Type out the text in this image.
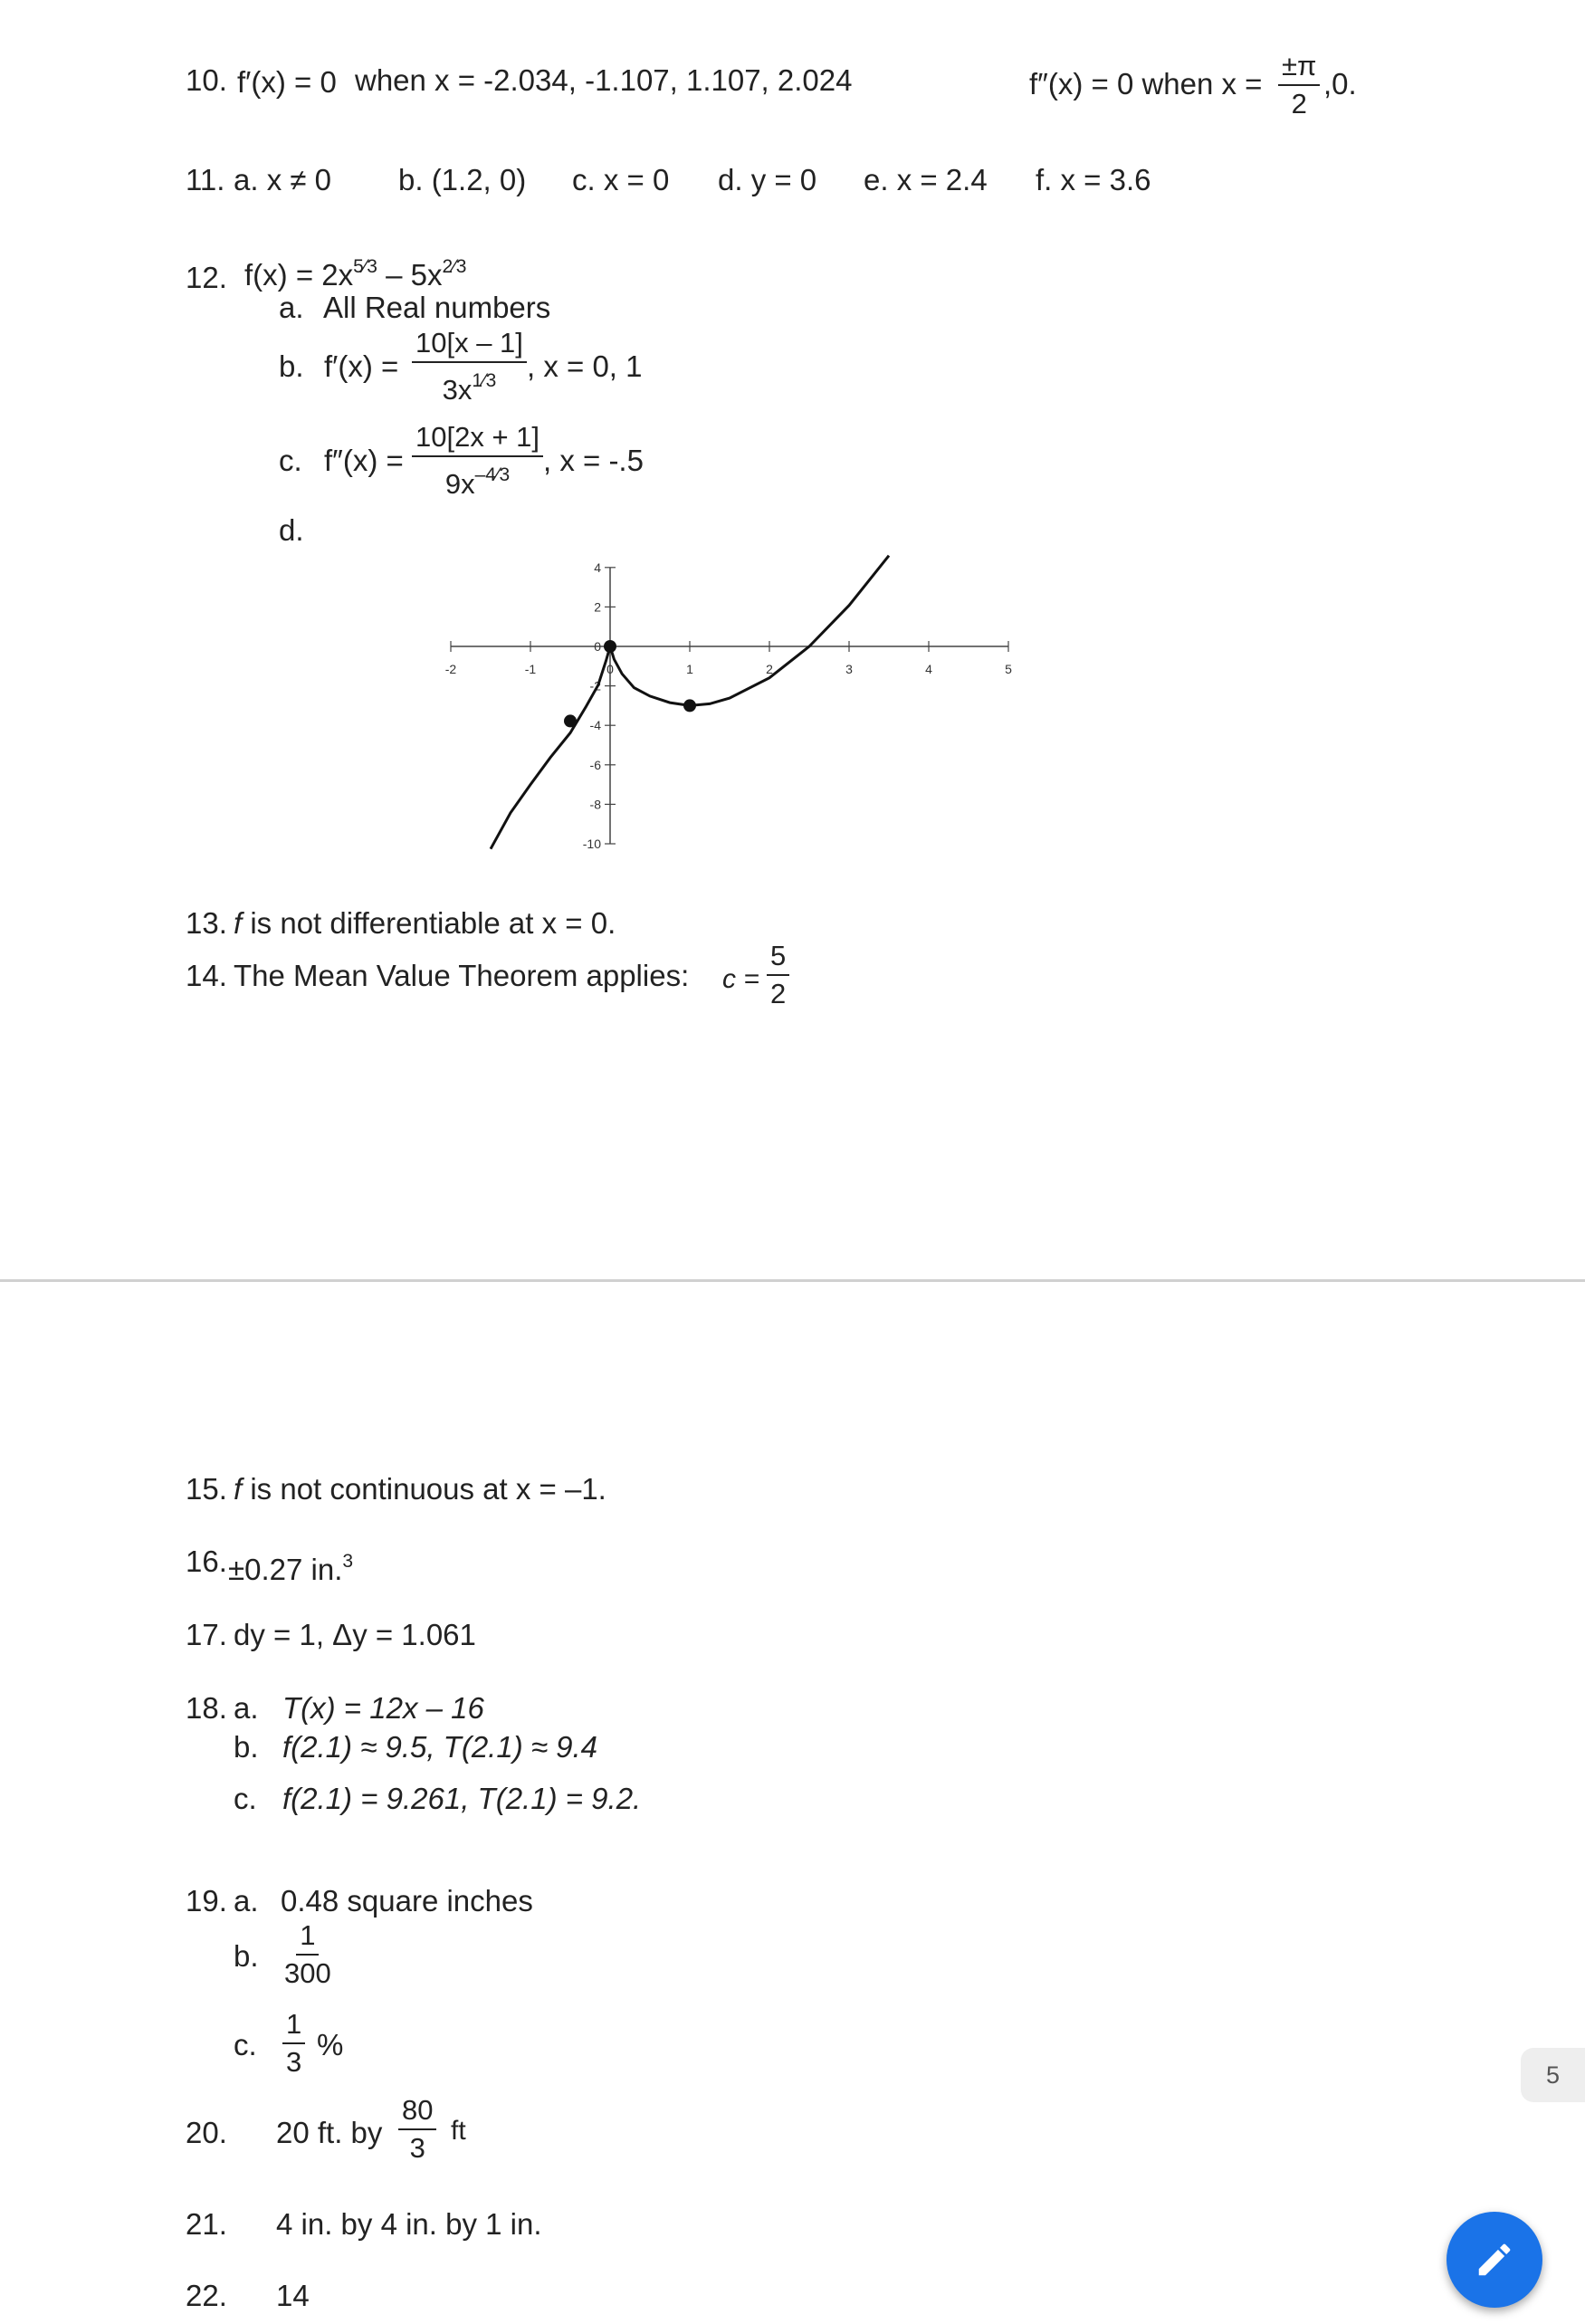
10. f′(x) = 0 when x = -2.034, -1.107, 1.107, 2.024	f″(x) = 0 when $x = \frac{\pm\pi}{2} ,0$.
11. a. x ≠ 0 b. (1.2, 0) c. x = 0 d. y = 0 e. x = 2.4 f. x = 3.6
12. $f(x) = 2x^{5⁄3} - 5x^{2⁄3}$
a. All Real numbers
b. $f'(x) = \frac{10[x - 1]}{3x^{1⁄3}}$ , x = 0, 1
c. $f''(x) = \frac{10[2x + 1]}{9x^{-4⁄3}}$ , x = -.5
d.
-2	-1	0	1	2	3	4	5
4
2
0
-2
-4
-6
-8
-10
13. f is not differentiable at x = 0.
14. The Mean Value Theorem applies: $c = \frac{5}{2}$
15. f is not continuous at x = –1.
16. ±0.27 in.$^3$
17. dy = 1, Δy = 1.061
18. a. T(x) = 12x – 16
b. f(2.1) ≈ 9.5, T(2.1) ≈ 9.4
c. f(2.1) = 9.261, T(2.1) = 9.2.
19. a. 0.48 square inches
b. $\frac{1}{300}$
c. $\frac{1}{3}$ %
20. 20 ft. by $\frac{80}{3}$ ft
21. 4 in. by 4 in. by 1 in.
22. 14
5
